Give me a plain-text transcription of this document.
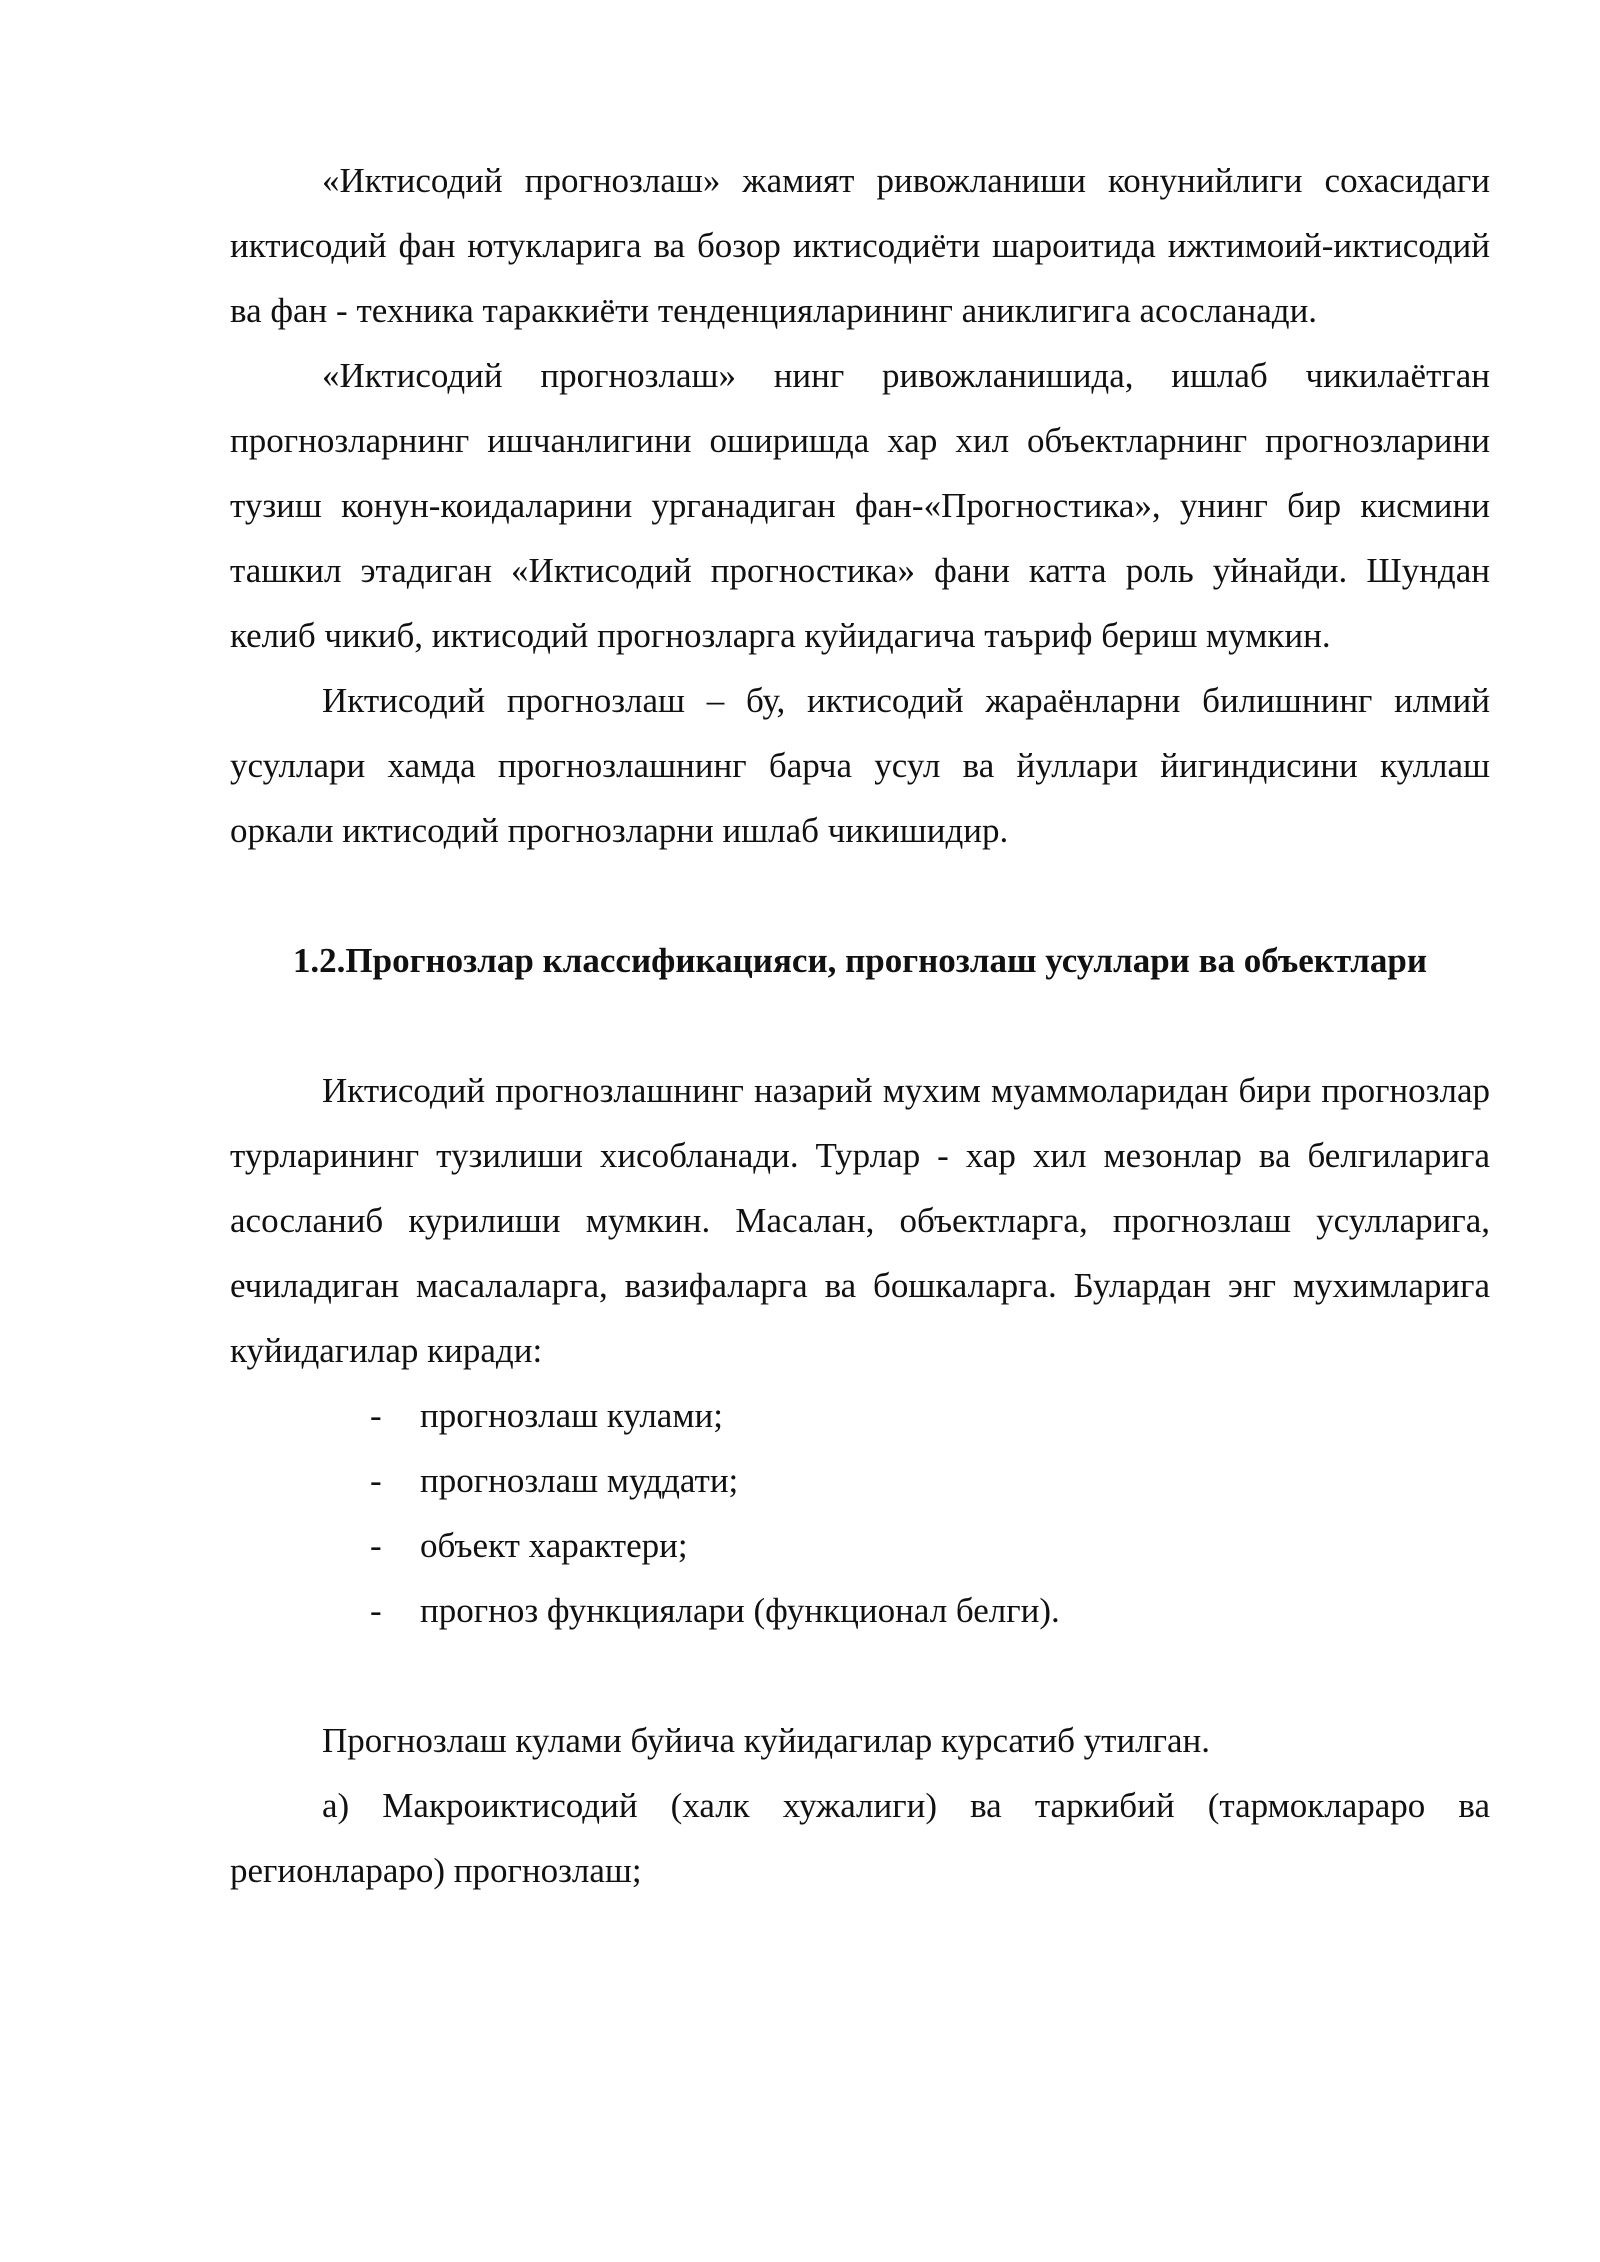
«Иктисодий прогнозлаш» жамият ривожланиши конунийлиги сохасидаги иктисодий фан ютукларига ва бозор иктисодиёти шароитида ижтимоий-иктисодий ва фан - техника тараккиёти тенденцияларининг аниклигига асосланади.

«Иктисодий прогнозлаш» нинг ривожланишида, ишлаб чикилаётган прогнозларнинг ишчанлигини оширишда хар хил объектларнинг прогнозларини тузиш конун-коидаларини урганадиган фан-«Прогностика», унинг бир кисмини ташкил этадиган «Иктисодий прогностика» фани катта роль уйнайди. Шундан келиб чикиб, иктисодий прогнозларга куйидагича таъриф бериш мумкин.

Иктисодий прогнозлаш – бу, иктисодий жараёнларни билишнинг илмий усуллари хамда прогнозлашнинг барча усул ва йуллари йигиндисини куллаш оркали иктисодий прогнозларни ишлаб чикишидир.

1.2.Прогнозлар классификацияси, прогнозлаш усуллари ва объектлари

Иктисодий прогнозлашнинг назарий мухим муаммоларидан бири прогнозлар турларининг тузилиши хисобланади. Турлар - хар хил мезонлар ва белгиларига асосланиб курилиши мумкин. Масалан, объектларга, прогнозлаш усулларига, ечиладиган масалаларга, вазифаларга ва бошкаларга. Булардан энг мухимларига куйидагилар киради:

- прогнозлаш кулами;
- прогнозлаш муддати;
- объект характери;
- прогноз функциялари (функционал белги).

Прогнозлаш кулами буйича куйидагилар курсатиб утилган.

а) Макроиктисодий (халк хужалиги) ва таркибий (тармоклараро ва регионлараро) прогнозлаш;
